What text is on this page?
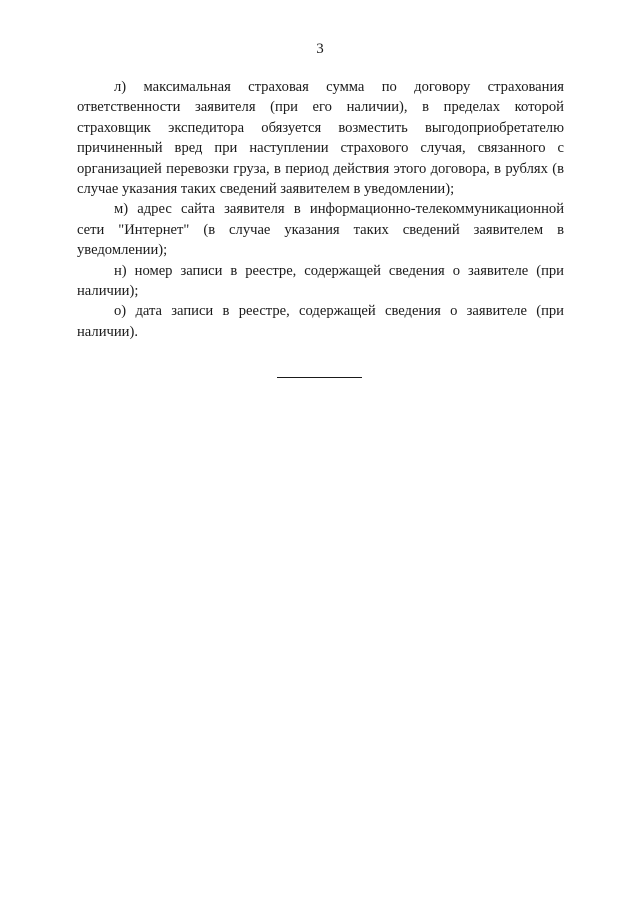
3

л) максимальная страховая сумма по договору страхования ответственности заявителя (при его наличии), в пределах которой страховщик экспедитора обязуется возместить выгодоприобретателю причиненный вред при наступлении страхового случая, связанного с организацией перевозки груза, в период действия этого договора, в рублях (в случае указания таких сведений заявителем в уведомлении);

м) адрес сайта заявителя в информационно-телекоммуникационной сети "Интернет" (в случае указания таких сведений заявителем в уведомлении);

н) номер записи в реестре, содержащей сведения о заявителе (при наличии);

о) дата записи в реестре, содержащей сведения о заявителе (при наличии).
